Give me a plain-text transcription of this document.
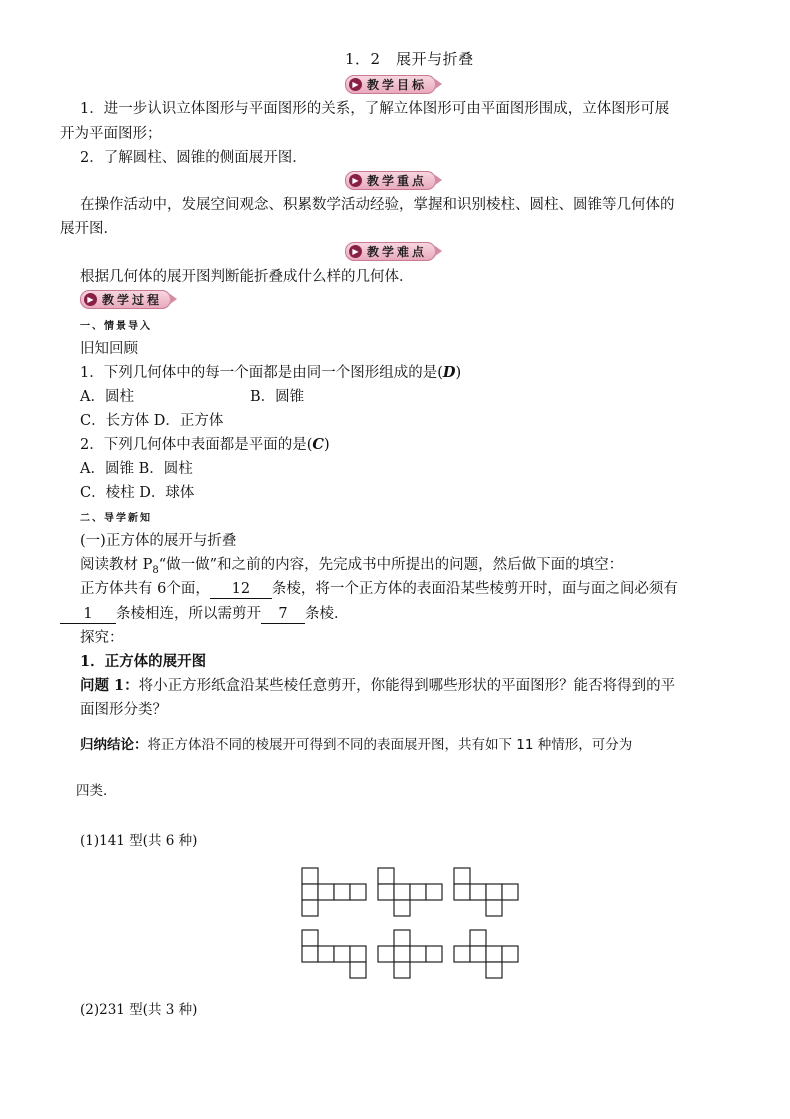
1．2　展开与折叠
▶ 教学目标
1．进一步认识立体图形与平面图形的关系，了解立体图形可由平面图形围成，立体图形可展
开为平面图形；
2．了解圆柱、圆锥的侧面展开图．
▶ 教学重点
在操作活动中，发展空间观念、积累数学活动经验，掌握和识别棱柱、圆柱、圆锥等几何体的
展开图．
▶ 教学难点
根据几何体的展开图判断能折叠成什么样的几何体．
▶ 教学过程
一、情景导入
旧知回顾
1．下列几何体中的每一个面都是由同一个图形组成的是(D)
A．圆柱	B．圆锥
C．长方体 D．正方体
2．下列几何体中表面都是平面的是(C)
A．圆锥 B．圆柱
C．棱柱 D．球体
二、导学新知
(一)正方体的展开与折叠
阅读教材 $P_8“$做一做”和之前的内容，先完成书中所提出的问题，然后做下面的填空：
正方体共有 6个面， 12 条棱，将一个正方体的表面沿某些棱剪开时，面与面之间必须有
1 条棱相连，所以需剪开 7 条棱．
探究：
1．正方体的展开图
问题 1：将小正方形纸盒沿某些棱任意剪开，你能得到哪些形状的平面图形？能否将得到的平
面图形分类？
归纳结论：将正方体沿不同的棱展开可得到不同的表面展开图，共有如下 11 种情形，可分为
四类．
(1)141 型(共 6 种)
(2)231 型(共 3 种)
